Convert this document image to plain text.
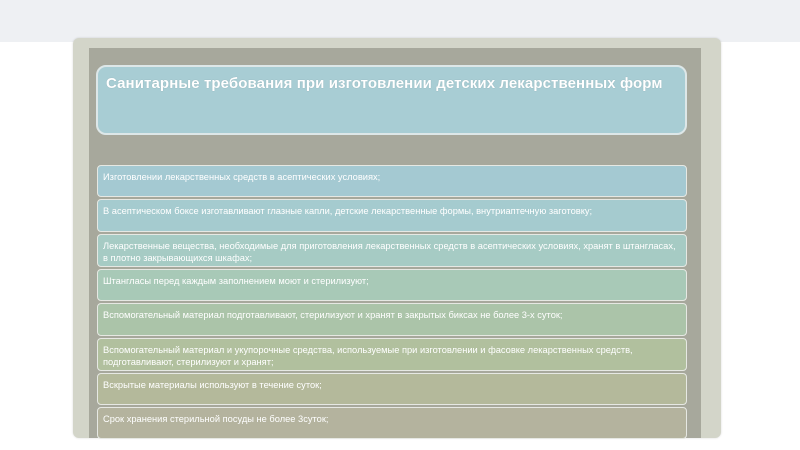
Санитарные требования при изготовлении детских лекарственных форм
Изготовлении лекарственных средств в асептических условиях;
В асептическом боксе изготавливают глазные капли, детские лекарственные формы, внутриаптечную заготовку;
Лекарственные вещества, необходимые для приготовления лекарственных средств в асептических условиях, хранят в штангласах, в плотно закрывающихся шкафах;
Штангласы перед каждым заполнением моют и стерилизуют;
Вспомогательный материал подготавливают, стерилизуют и хранят в закрытых биксах не более 3-х суток;
Вспомогательный материал и укупорочные средства, используемые при изготовлении и фасовке лекарственных средств, подготавливают, стерилизуют и хранят;
Вскрытые материалы используют в течение суток;
Срок хранения стерильной посуды не более 3суток;
